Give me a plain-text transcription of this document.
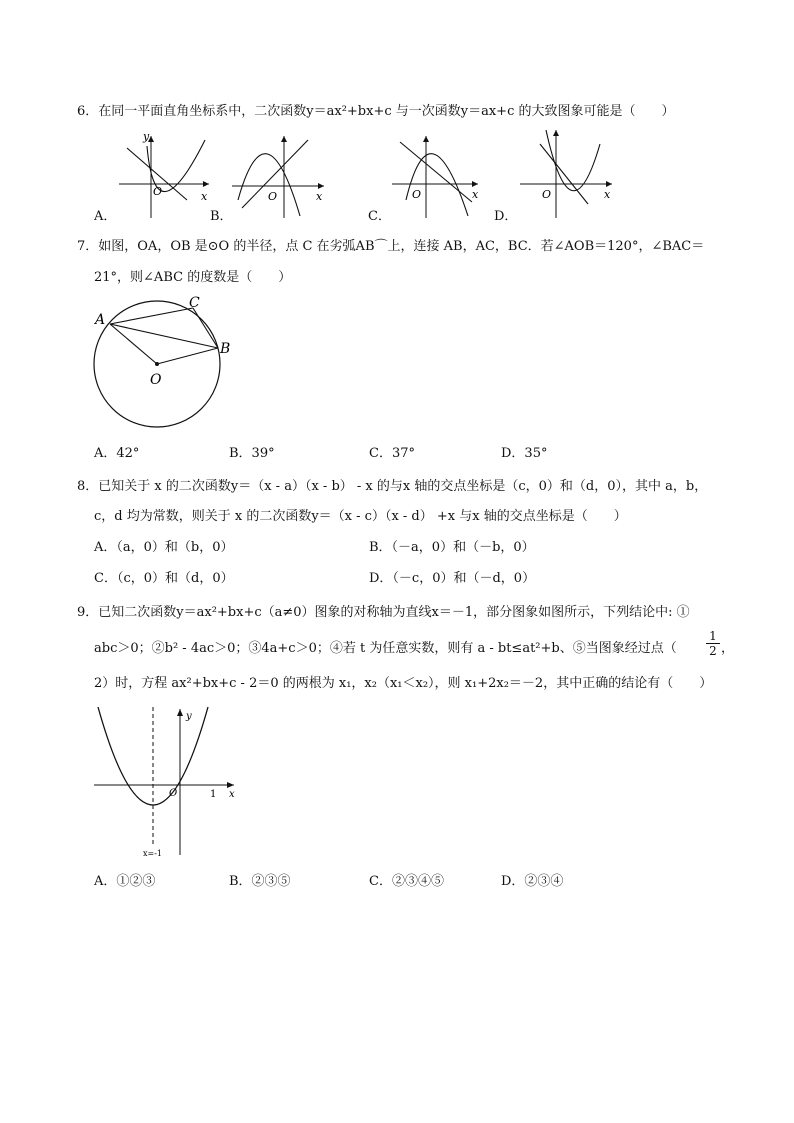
6．在同一平面直角坐标系中，二次函数y＝ax²+bx+c 与一次函数y＝ax+c 的大致图象可能是（　　）
y
x
O
A．
x
O
B．
x
O
C．
x
O
D．
7．如图，OA，OB 是⊙O 的半径，点 C 在劣弧AB⌒上，连接 AB，AC，BC．若∠AOB＝120°，∠BAC＝
21°，则∠ABC 的度数是（　　）
A
C
B
O
A．42°	B．39°	C．37°	D．35°
8．已知关于 x 的二次函数y＝（x - a）（x - b） - x 的与x 轴的交点坐标是（c，0）和（d，0），其中 a，b，
c，d 均为常数，则关于 x 的二次函数y＝（x - c）（x - d） +x 与x 轴的交点坐标是（　　）
A．（a，0）和（b，0）	B．（－a，0）和（－b，0）
C．（c，0）和（d，0）	D．（－c，0）和（－d，0）
9．已知二次函数y＝ax²+bx+c（a≠0）图象的对称轴为直线x＝－1，部分图象如图所示，下列结论中: ①
abc＞0；②b² - 4ac＞0；③4a+c＞0；④若 t 为任意实数，则有 a - bt≤at²+b、⑤当图象经过点（ $\frac{1}{2}$ ，
2）时，方程 ax²+bx+c - 2＝0 的两根为 x₁，x₂（x₁＜x₂），则 x₁+2x₂＝－2，其中正确的结论有（　　）
y
x
O	1
x=-1
A．①②③	B．②③⑤	C．②③④⑤	D．②③④
